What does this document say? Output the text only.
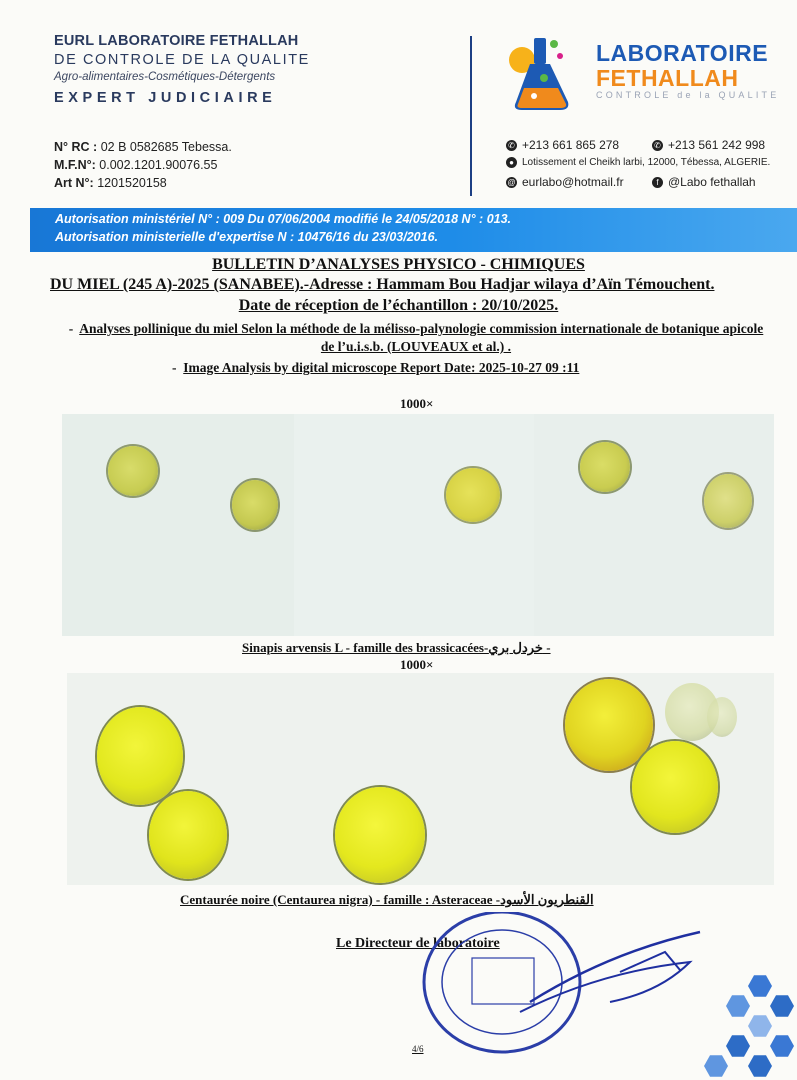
EURL LABORATOIRE FETHALLAH
DE CONTROLE DE LA QUALITE
Agro-alimentaires-Cosmétiques-Détergents
EXPERT JUDICIAIRE
N° RC : 02 B 0582685 Tebessa.
M.F.N°: 0.002.1201.90076.55
Art N°: 1201520158
LABORATOIRE
FETHALLAH
CONTROLE de la QUALITE
✆ +213 661 865 278	✆ +213 561 242 998
● Lotissement el Cheikh larbi, 12000, Tébessa, ALGERIE.
@ eurlabo@hotmail.fr	f @Labo fethallah
Autorisation ministériel N° : 009 Du 07/06/2004 modifié le 24/05/2018 N° : 013.
Autorisation ministerielle d'expertise N : 10476/16 du 23/03/2016.
BULLETIN D’ANALYSES PHYSICO - CHIMIQUES
DU MIEL (245 A)-2025 (SANABEE).-Adresse : Hammam Bou Hadjar wilaya d’Aïn Témouchent.
Date de réception de l’échantillon : 20/10/2025.
- Analyses pollinique du miel Selon la méthode de la mélisso-palynologie commission internationale de botanique apicole de l’u.i.s.b. (LOUVEAUX et al.) .
- Image Analysis by digital microscope Report Date: 2025-10-27 09 :11
1000×
Sinapis arvensis L - famille des brassicacées-خردل بري -
1000×
Centaurée noire (Centaurea nigra) - famille : Asteraceae -القنطريون الأسود
Le Directeur de laboratoire
4/6
